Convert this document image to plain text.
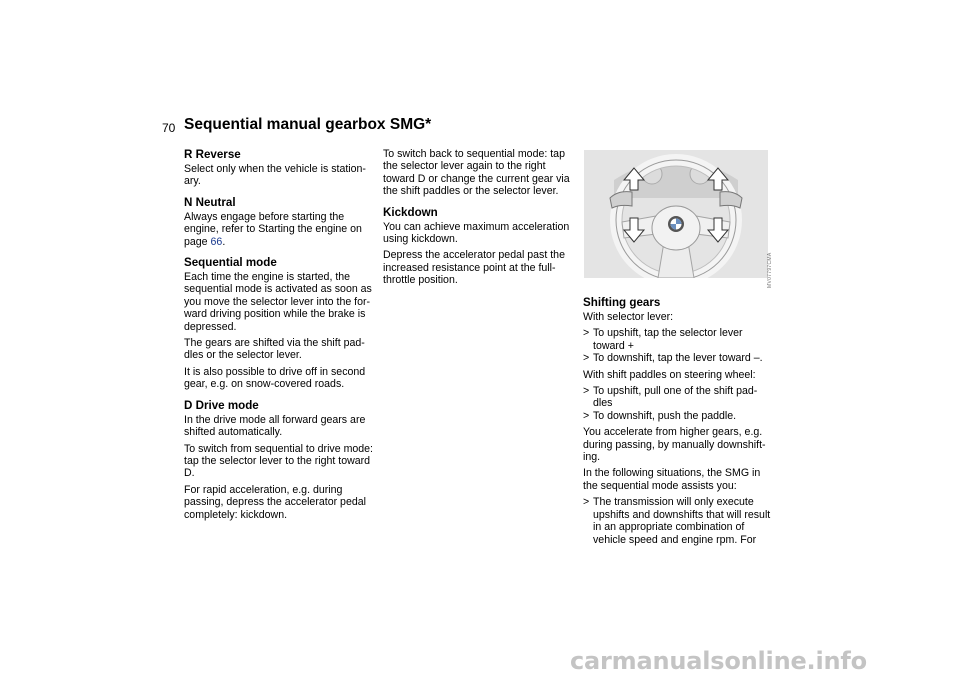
70 Sequential manual gearbox SMG*
R Reverse

Select only when the vehicle is station-ary.

N Neutral

Always engage before starting the engine, refer to Starting the engine on page 66.

Sequential mode

Each time the engine is started, the sequential mode is activated as soon as you move the selector lever into the for-ward driving position while the brake is depressed.

The gears are shifted via the shift pad-dles or the selector lever.

It is also possible to drive off in second gear, e.g. on snow-covered roads.

D Drive mode

In the drive mode all forward gears are shifted automatically.

To switch from sequential to drive mode: tap the selector lever to the right toward D.

For rapid acceleration, e.g. during passing, depress the accelerator pedal completely: kickdown.

To switch back to sequential mode: tap the selector lever again to the right toward D or change the current gear via the shift paddles or the selector lever.

Kickdown

You can achieve maximum acceleration using kickdown.

Depress the accelerator pedal past the increased resistance point at the full-throttle position.	MV07797CMA
Shifting gears

With selector lever:

> To upshift, tap the selector lever toward +
> To downshift, tap the lever toward –.

With shift paddles on steering wheel:

> To upshift, pull one of the shift pad-dles
> To downshift, push the paddle.

You accelerate from higher gears, e.g. during passing, by manually downshift-ing.

In the following situations, the SMG in the sequential mode assists you:

> The transmission will only execute upshifts and downshifts that will result in an appropriate combination of vehicle speed and engine rpm. For
carmanualsonline.info
